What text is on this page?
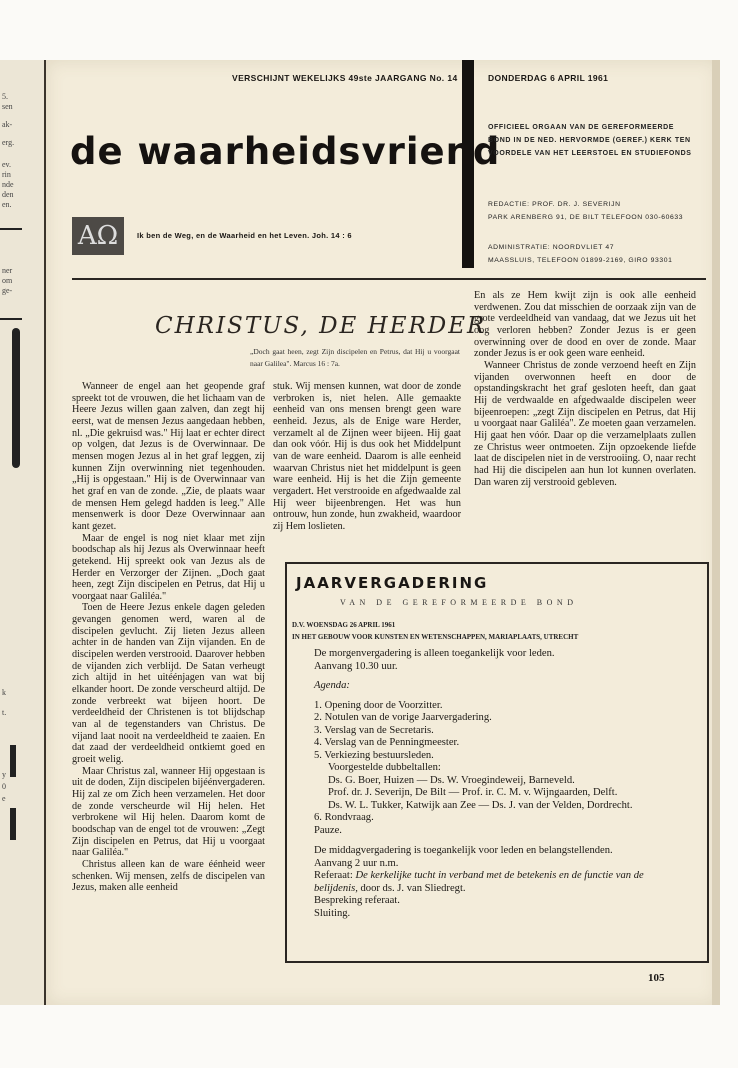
5.
sen
ak-
erg.
ev.
rin
nde
den
en.
ner
om
ge-
k
t.
y
0
e
VERSCHIJNT WEKELIJKS 49ste JAARGANG No. 14	DONDERDAG 6 APRIL 1961
de waarheidsvriend
OFFICIEEL ORGAAN VAN DE GEREFORMEERDE
BOND IN DE NED. HERVORMDE (GEREF.) KERK TEN
VOORDELE VAN HET LEERSTOEL EN STUDIEFONDS
AΩ	Ik ben de Weg, en de Waarheid en het Leven. Joh. 14 : 6
REDACTIE: PROF. DR. J. SEVERIJN
PARK ARENBERG 91, DE BILT TELEFOON 030-60633
ADMINISTRATIE: NOORDVLIET 47
MAASSLUIS, TELEFOON 01899-2169, GIRO 93301
CHRISTUS, DE HERDER
„Doch gaat heen, zegt Zijn discipelen en Petrus, dat Hij u voorgaat naar Galilea". Marcus 16 : 7a.

Wanneer de engel aan het geopende graf spreekt tot de vrouwen, die het lichaam van de Heere Jezus willen gaan zalven, dan zegt hij eerst, wat de mensen Jezus aangedaan hebben, nl. „Die gekruisd was." Hij laat er echter direct op volgen, dat Jezus is de Overwinnaar. De mensen mogen Jezus al in het graf leggen, zij kunnen Zijn overwinning niet tegenhouden. „Hij is opgestaan." Hij is de Overwinnaar van het graf en van de zonde. „Zie, de plaats waar de mensen Hem gelegd hadden is leeg." Alle mensenwerk is door Deze Overwinnaar aan kant gezet.

Maar de engel is nog niet klaar met zijn boodschap als hij Jezus als Overwinnaar heeft getekend. Hij spreekt ook van Jezus als de Herder en Verzorger der Zijnen. „Doch gaat heen, zegt Zijn discipelen en Petrus, dat Hij u voorgaat naar Galiléa."

Toen de Heere Jezus enkele dagen geleden gevangen genomen werd, waren al de discipelen gevlucht. Zij lieten Jezus alleen achter in de handen van Zijn vijanden. En de discipelen werden verstrooid. Daarover hebben de vijanden zich verblijd. De Satan verheugt zich altijd in het uitéénjagen van wat bij elkander hoort. De zonde verscheurd altijd. De zonde verbreekt wat bijeen hoort. De verdeeldheid der Christenen is tot blijdschap van al de tegenstanders van Christus. De vijand laat nooit na verdeeldheid te zaaien. En dat zaad der verdeeldheid ontkiemt goed en groeit welig.

Maar Christus zal, wanneer Hij opgestaan is uit de doden, Zijn discipelen bijéénvergaderen. Hij zal ze om Zich heen verzamelen. Het door de zonde verscheurde wil Hij helen. Het verbrokene wil Hij helen. Daarom komt de boodschap van de engel tot de vrouwen: „Zegt Zijn discipelen en Petrus, dat Hij u voorgaat naar Galiléa."

Christus alleen kan de ware éénheid weer schenken. Wij mensen, zelfs de discipelen van Jezus, maken alle eenheid

stuk. Wij mensen kunnen, wat door de zonde verbroken is, niet helen. Alle gemaakte eenheid van ons mensen brengt geen ware eenheid. Jezus, als de Enige ware Herder, verzamelt al de Zijnen weer bijeen. Hij gaat dan ook vóór. Hij is dus ook het Middelpunt van de ware eenheid. Daarom is alle eenheid waarvan Christus niet het middelpunt is geen ware eenheid. Hij is het die Zijn gemeente vergadert. Het verstrooide en afgedwaalde zal Hij weer bijeenbrengen. Het was hun ontrouw, hun zonde, hun zwakheid, waardoor zij Hem loslieten.

En als ze Hem kwijt zijn is ook alle eenheid verdwenen. Zou dat misschien de oorzaak zijn van de grote verdeeldheid van vandaag, dat we Jezus uit het oog verloren hebben? Zonder Jezus is er geen overwinning over de dood en over de zonde. Maar zonder Jezus is er ook geen ware eenheid.

Wanneer Christus de zonde verzoend heeft en Zijn vijanden overwonnen heeft en door de opstandingskracht het graf gesloten heeft, dan gaat Hij de verdwaalde en afgedwaalde discipelen weer bijeenroepen: „zegt Zijn discipelen en Petrus, dat Hij u voorgaat naar Galiléa". Ze moeten gaan verzamelen. Hij gaat hen vóór. Daar op die verzamelplaats zullen ze Christus weer ontmoeten. Zijn opzoekende liefde laat de discipelen niet in de verstrooiing. O, naar recht had Hij die discipelen aan hun lot kunnen overlaten. Dan waren zij verstrooid gebleven.

JAARVERGADERING
VAN DE GEREFORMEERDE BOND
D.V. WOENSDAG 26 APRIL 1961
IN HET GEBOUW VOOR KUNSTEN EN WETENSCHAPPEN, MARIAPLAATS, UTRECHT
De morgenvergadering is alleen toegankelijk voor leden.
Aanvang 10.30 uur.
Agenda:
1. Opening door de Voorzitter.
2. Notulen van de vorige Jaarvergadering.
3. Verslag van de Secretaris.
4. Verslag van de Penningmeester.
5. Verkiezing bestuursleden.
Voorgestelde dubbeltallen:
Ds. G. Boer, Huizen — Ds. W. Vroegindeweij, Barneveld.
Prof. dr. J. Severijn, De Bilt — Prof. ir. C. M. v. Wijngaarden, Delft.
Ds. W. L. Tukker, Katwijk aan Zee — Ds. J. van der Velden, Dordrecht.
6. Rondvraag.
Pauze.
De middagvergadering is toegankelijk voor leden en belangstellenden.
Aanvang 2 uur n.m.
Referaat: De kerkelijke tucht in verband met de betekenis en de functie van de belijdenis, door ds. J. van Sliedregt.
Bespreking referaat.
Sluiting.
105
